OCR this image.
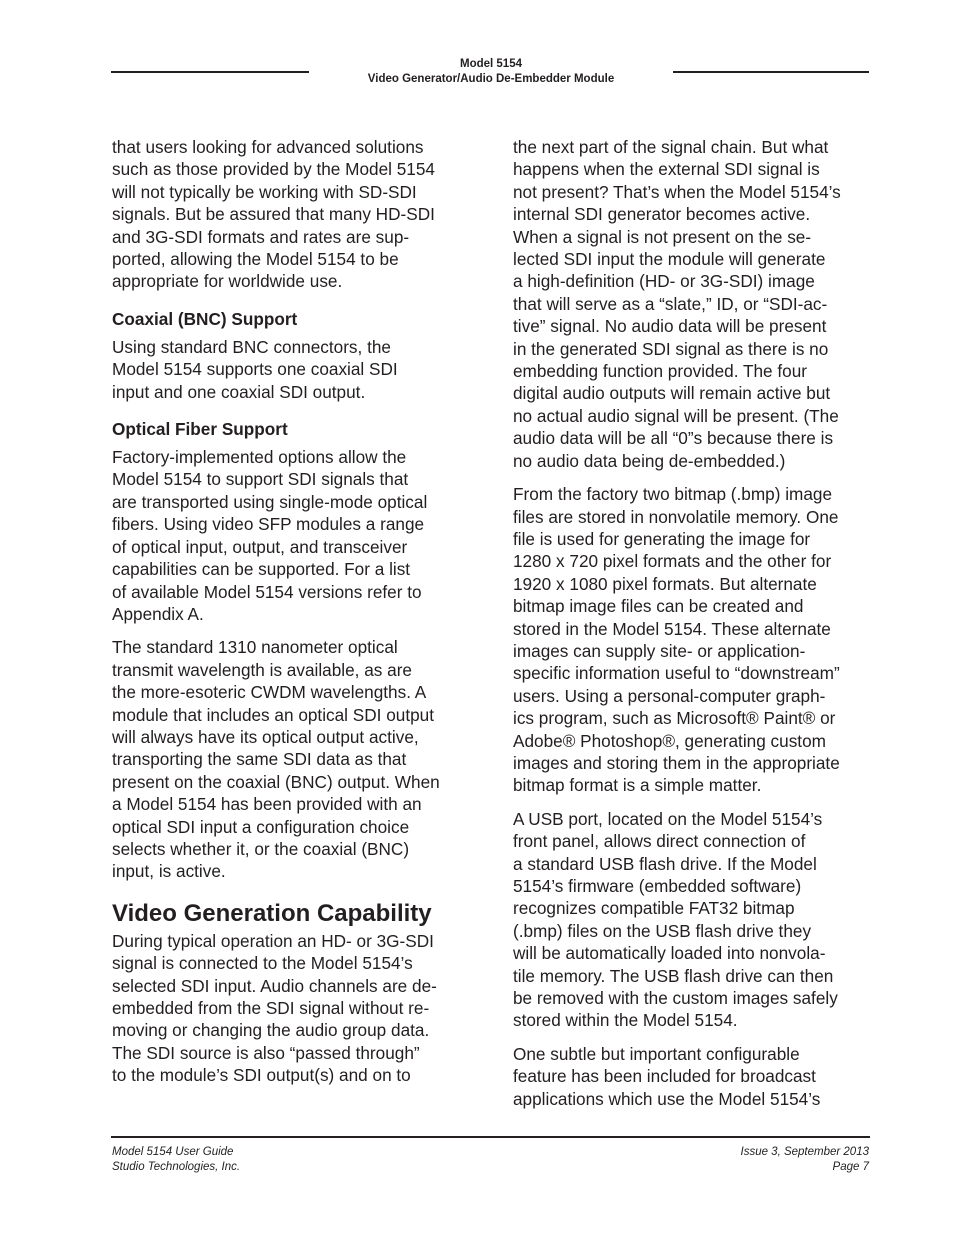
Model 5154
Video Generator/Audio De-Embedder Module

that users looking for advanced solutions
such as those provided by the Model 5154
will not typically be working with SD-SDI
signals. But be assured that many HD-SDI
and 3G-SDI formats and rates are sup-
ported, allowing the Model 5154 to be
appropriate for worldwide use.

Coaxial (BNC) Support

Using standard BNC connectors, the
Model 5154 supports one coaxial SDI
input and one coaxial SDI output.

Optical Fiber Support

Factory-implemented options allow the
Model 5154 to support SDI signals that
are transported using single-mode optical
fibers. Using video SFP modules a range
of optical input, output, and transceiver
capabilities can be supported. For a list
of available Model 5154 versions refer to
Appendix A.

The standard 1310 nanometer optical
transmit wavelength is available, as are
the more-esoteric CWDM wavelengths. A
module that includes an optical SDI output
will always have its optical output active,
transporting the same SDI data as that
present on the coaxial (BNC) output. When
a Model 5154 has been provided with an
optical SDI input a configuration choice
selects whether it, or the coaxial (BNC)
input, is active.

Video Generation Capability

During typical operation an HD- or 3G-SDI
signal is connected to the Model 5154’s
selected SDI input. Audio channels are de-
embedded from the SDI signal without re-
moving or changing the audio group data.
The SDI source is also “passed through”
to the module’s SDI output(s) and on to

the next part of the signal chain. But what
happens when the external SDI signal is
not present? That’s when the Model 5154’s
internal SDI generator becomes active.
When a signal is not present on the se-
lected SDI input the module will generate
a high-definition (HD- or 3G-SDI) image
that will serve as a “slate,” ID, or “SDI-ac-
tive” signal. No audio data will be present
in the generated SDI signal as there is no
embedding function provided. The four
digital audio outputs will remain active but
no actual audio signal will be present. (The
audio data will be all “0”s because there is
no audio data being de-embedded.)

From the factory two bitmap (.bmp) image
files are stored in nonvolatile memory. One
file is used for generating the image for
1280 x 720 pixel formats and the other for
1920 x 1080 pixel formats. But alternate
bitmap image files can be created and
stored in the Model 5154. These alternate
images can supply site- or application-
specific information useful to “downstream”
users. Using a personal-computer graph-
ics program, such as Microsoft® Paint® or
Adobe® Photoshop®, generating custom
images and storing them in the appropriate
bitmap format is a simple matter.

A USB port, located on the Model 5154’s
front panel, allows direct connection of
a standard USB flash drive. If the Model
5154’s firmware (embedded software)
recognizes compatible FAT32 bitmap
(.bmp) files on the USB flash drive they
will be automatically loaded into nonvola-
tile memory. The USB flash drive can then
be removed with the custom images safely
stored within the Model 5154.

One subtle but important configurable
feature has been included for broadcast
applications which use the Model 5154’s

Model 5154 User Guide
Studio Technologies, Inc.
Issue 3, September 2013
Page 7
